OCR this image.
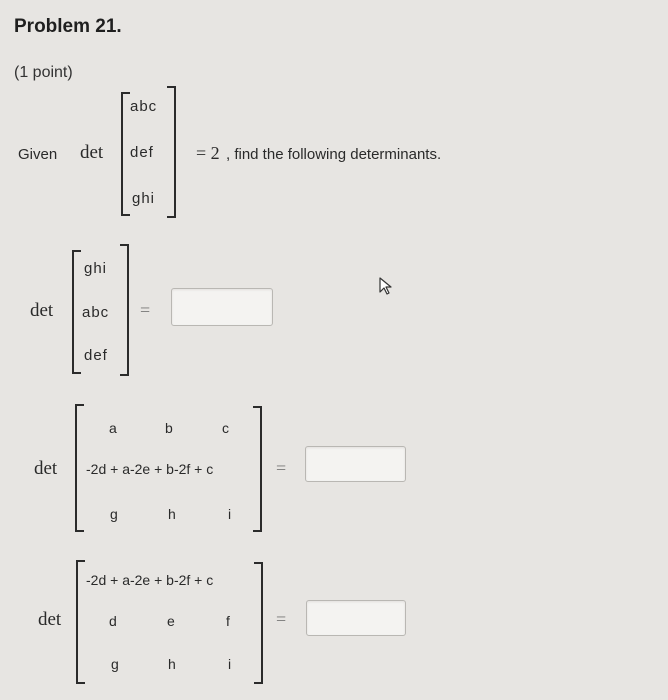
Problem 21.
(1 point)
Given det
abc
def
ghi
= 2 , find the following determinants.
det
ghi
abc
def
=
det
a	b	c
-2d + a-2e + b-2f + c
g	h	i
=
det
-2d + a-2e + b-2f + c
d	e	f
g	h	i
=
